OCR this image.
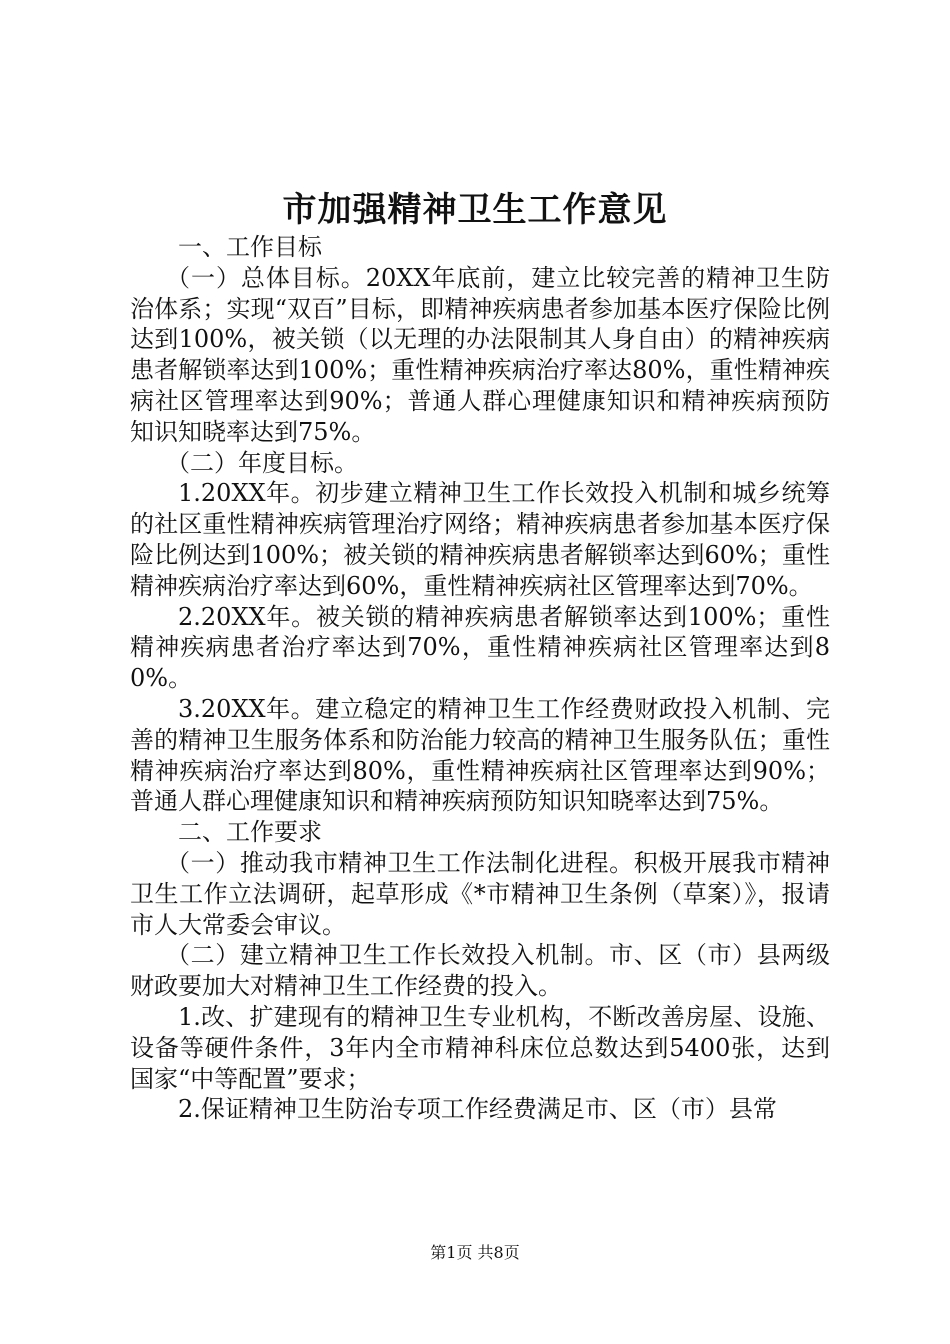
市加强精神卫生工作意见

一、工作目标

（一）总体目标。20XX年底前，建立比较完善的精神卫生防治体系；实现“双百”目标，即精神疾病患者参加基本医疗保险比例达到100%，被关锁（以无理的办法限制其人身自由）的精神疾病患者解锁率达到100%；重性精神疾病治疗率达80%，重性精神疾病社区管理率达到90%；普通人群心理健康知识和精神疾病预防知识知晓率达到75%。

（二）年度目标。

1.20XX年。初步建立精神卫生工作长效投入机制和城乡统筹的社区重性精神疾病管理治疗网络；精神疾病患者参加基本医疗保险比例达到100%；被关锁的精神疾病患者解锁率达到60%；重性精神疾病治疗率达到60%，重性精神疾病社区管理率达到70%。

2.20XX年。被关锁的精神疾病患者解锁率达到100%；重性精神疾病患者治疗率达到70%，重性精神疾病社区管理率达到80%。

3.20XX年。建立稳定的精神卫生工作经费财政投入机制、完善的精神卫生服务体系和防治能力较高的精神卫生服务队伍；重性精神疾病治疗率达到80%，重性精神疾病社区管理率达到90%；普通人群心理健康知识和精神疾病预防知识知晓率达到75%。

二、工作要求

（一）推动我市精神卫生工作法制化进程。积极开展我市精神卫生工作立法调研，起草形成《*市精神卫生条例（草案）》，报请市人大常委会审议。

（二）建立精神卫生工作长效投入机制。市、区（市）县两级财政要加大对精神卫生工作经费的投入。

1.改、扩建现有的精神卫生专业机构，不断改善房屋、设施、设备等硬件条件，3年内全市精神科床位总数达到5400张，达到国家“中等配置”要求；

2.保证精神卫生防治专项工作经费满足市、区（市）县常

第1页 共8页
